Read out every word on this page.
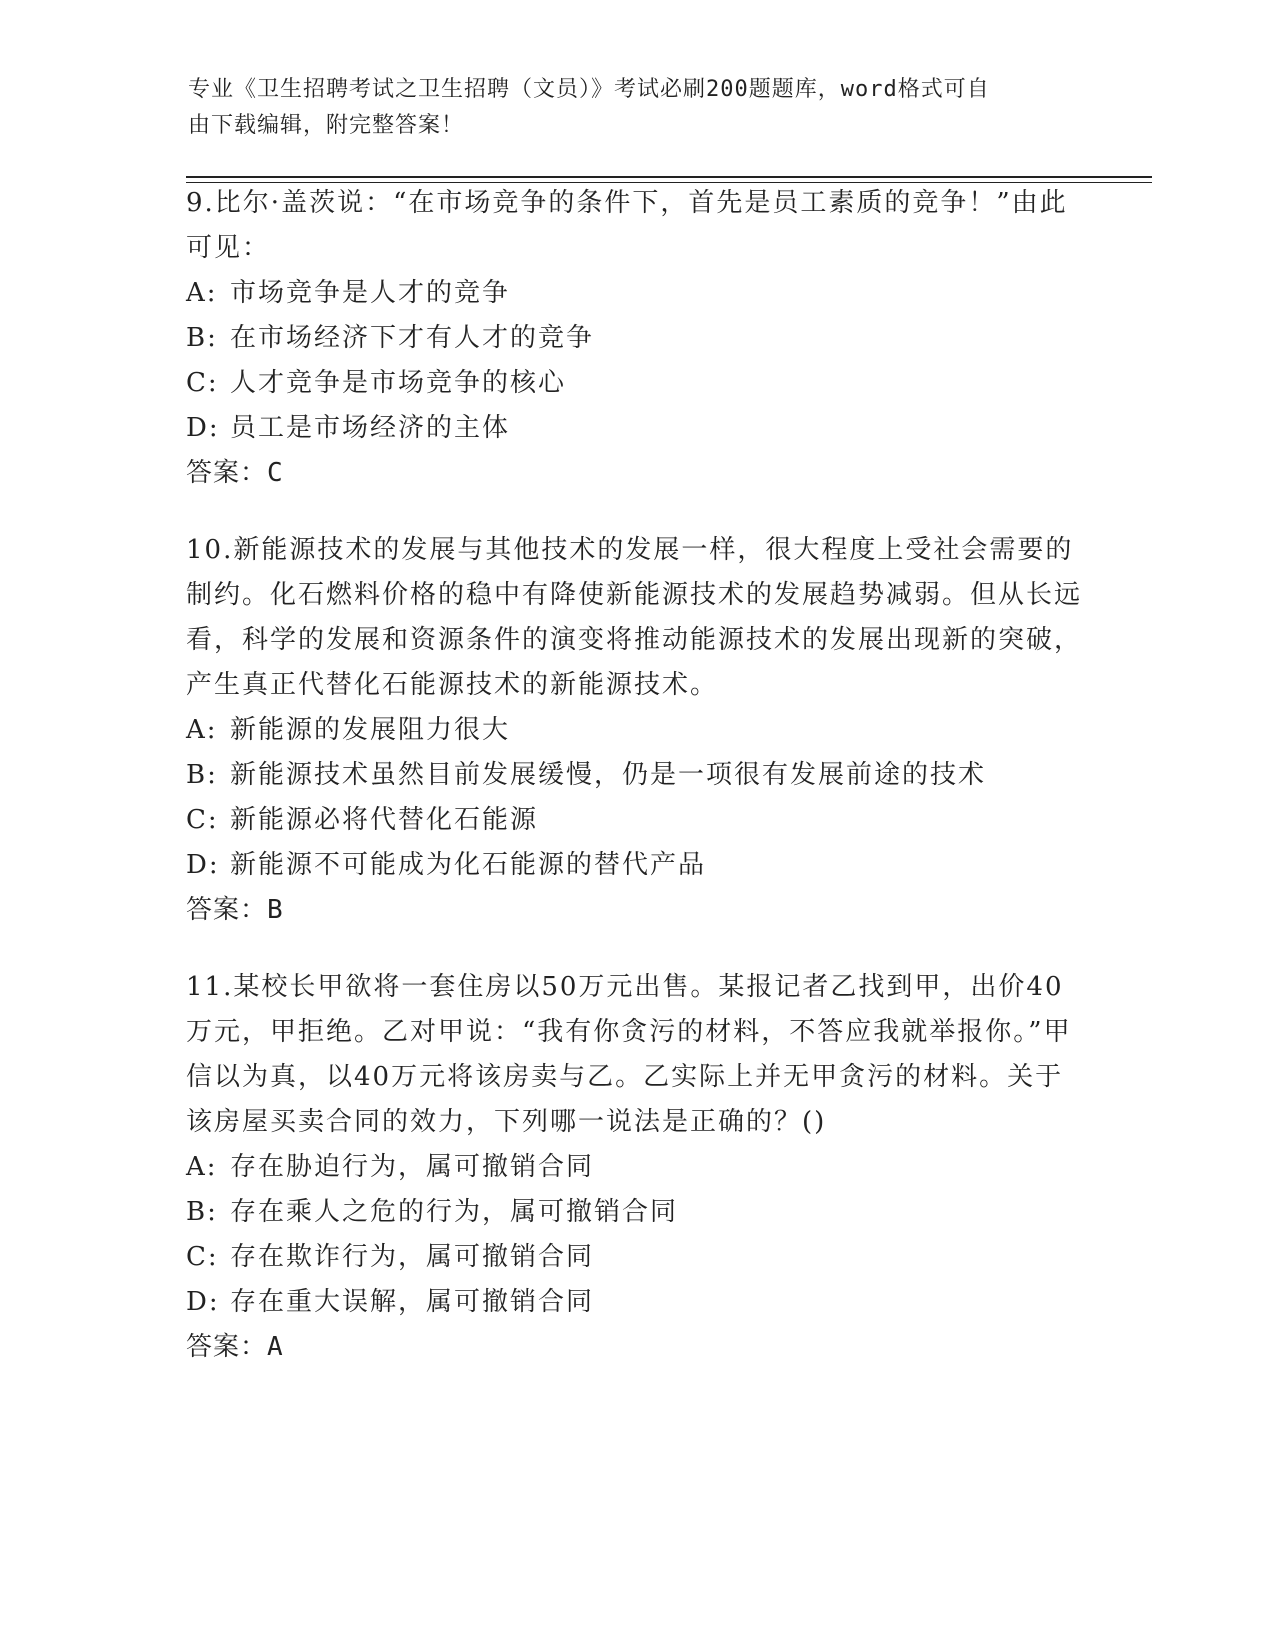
专业《卫生招聘考试之卫生招聘（文员）》考试必刷200题题库，word格式可自
由下载编辑，附完整答案！
9.比尔·盖茨说：“在市场竞争的条件下，首先是员工素质的竞争！”由此可见：
A: 市场竞争是人才的竞争
B: 在市场经济下才有人才的竞争
C: 人才竞争是市场竞争的核心
D: 员工是市场经济的主体
答案：C
10.新能源技术的发展与其他技术的发展一样，很大程度上受社会需要的制约。化石燃料价格的稳中有降使新能源技术的发展趋势减弱。但从长远看，科学的发展和资源条件的演变将推动能源技术的发展出现新的突破，产生真正代替化石能源技术的新能源技术。
A: 新能源的发展阻力很大
B: 新能源技术虽然目前发展缓慢，仍是一项很有发展前途的技术
C: 新能源必将代替化石能源
D: 新能源不可能成为化石能源的替代产品
答案：B
11.某校长甲欲将一套住房以50万元出售。某报记者乙找到甲，出价40万元，甲拒绝。乙对甲说：“我有你贪污的材料，不答应我就举报你。”甲信以为真，以40万元将该房卖与乙。乙实际上并无甲贪污的材料。关于该房屋买卖合同的效力，下列哪一说法是正确的？()
A: 存在胁迫行为，属可撤销合同
B: 存在乘人之危的行为，属可撤销合同
C: 存在欺诈行为，属可撤销合同
D: 存在重大误解，属可撤销合同
答案：A
